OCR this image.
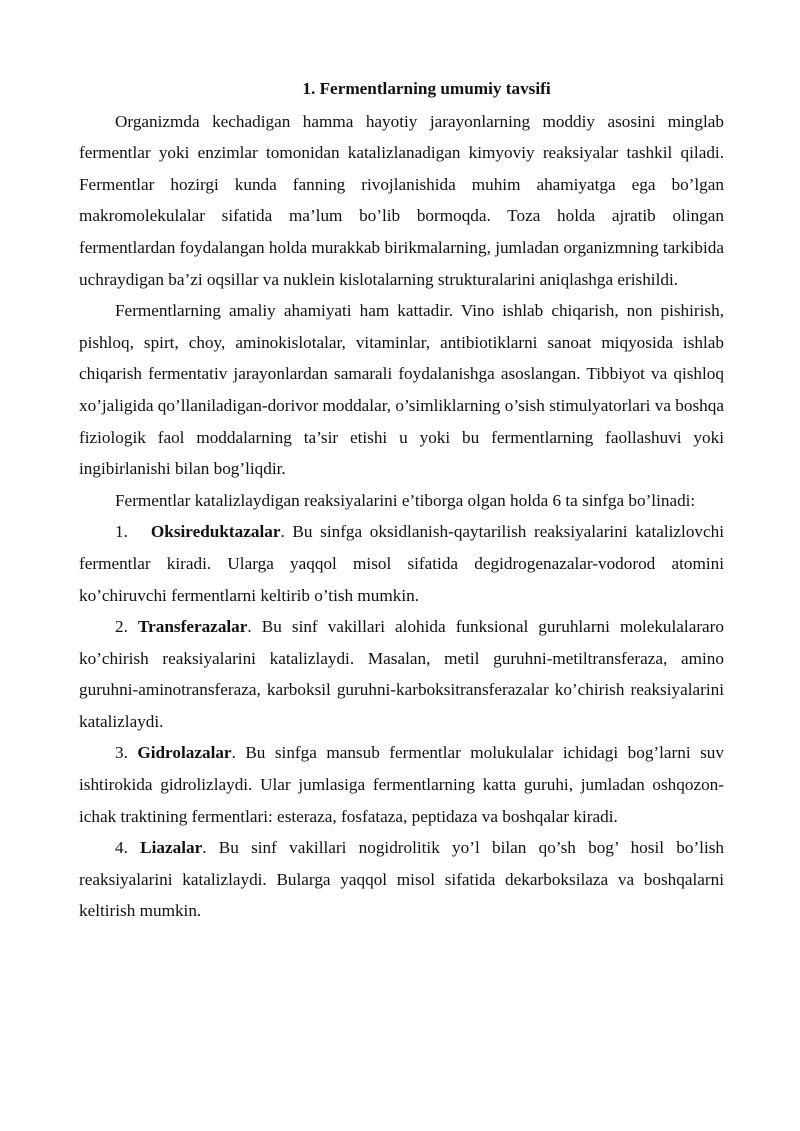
1. Fermentlarning umumiy tavsifi

Organizmda kechadigan hamma hayotiy jarayonlarning moddiy asosini minglab fermentlar yoki enzimlar tomonidan katalizlanadigan kimyoviy reaksiyalar tashkil qiladi. Fermentlar hozirgi kunda fanning rivojlanishida muhim ahamiyatga ega bo’lgan makromolekulalar sifatida ma’lum bo’lib bormoqda. Toza holda ajratib olingan fermentlardan foydalangan holda murakkab birikmalarning, jumladan organizmning tarkibida uchraydigan ba’zi oqsillar va nuklein kislotalarning strukturalarini aniqlashga erishildi.

Fermentlarning amaliy ahamiyati ham kattadir. Vino ishlab chiqarish, non pishirish, pishloq, spirt, choy, aminokislotalar, vitaminlar, antibiotiklarni sanoat miqyosida ishlab chiqarish fermentativ jarayonlardan samarali foydalanishga asoslangan. Tibbiyot va qishloq xo’jaligida qo’llaniladigan-dorivor moddalar, o’simliklarning o’sish stimulyatorlari va boshqa fiziologik faol moddalarning ta’sir etishi u yoki bu fermentlarning faollashuvi yoki ingibirlanishi bilan bog’liqdir.

Fermentlar katalizlaydigan reaksiyalarini e’tiborga olgan holda 6 ta sinfga bo’linadi:

1. Oksireduktazalar. Bu sinfga oksidlanish-qaytarilish reaksiyalarini katalizlovchi fermentlar kiradi. Ularga yaqqol misol sifatida degidrogenazalar-vodorod atomini ko’chiruvchi fermentlarni keltirib o’tish mumkin.

2. Transferazalar. Bu sinf vakillari alohida funksional guruhlarni molekulalararo ko’chirish reaksiyalarini katalizlaydi. Masalan, metil guruhni-metiltransferaza, amino guruhni-aminotransferaza, karboksil guruhni-karboksitransferazalar ko’chirish reaksiyalarini katalizlaydi.

3. Gidrolazalar. Bu sinfga mansub fermentlar molukulalar ichidagi bog’larni suv ishtirokida gidrolizlaydi. Ular jumlasiga fermentlarning katta guruhi, jumladan oshqozon-ichak traktining fermentlari: esteraza, fosfataza, peptidaza va boshqalar kiradi.

4. Liazalar. Bu sinf vakillari nogidrolitik yo’l bilan qo’sh bog’ hosil bo’lish reaksiyalarini katalizlaydi. Bularga yaqqol misol sifatida dekarboksilaza va boshqalarni keltirish mumkin.
